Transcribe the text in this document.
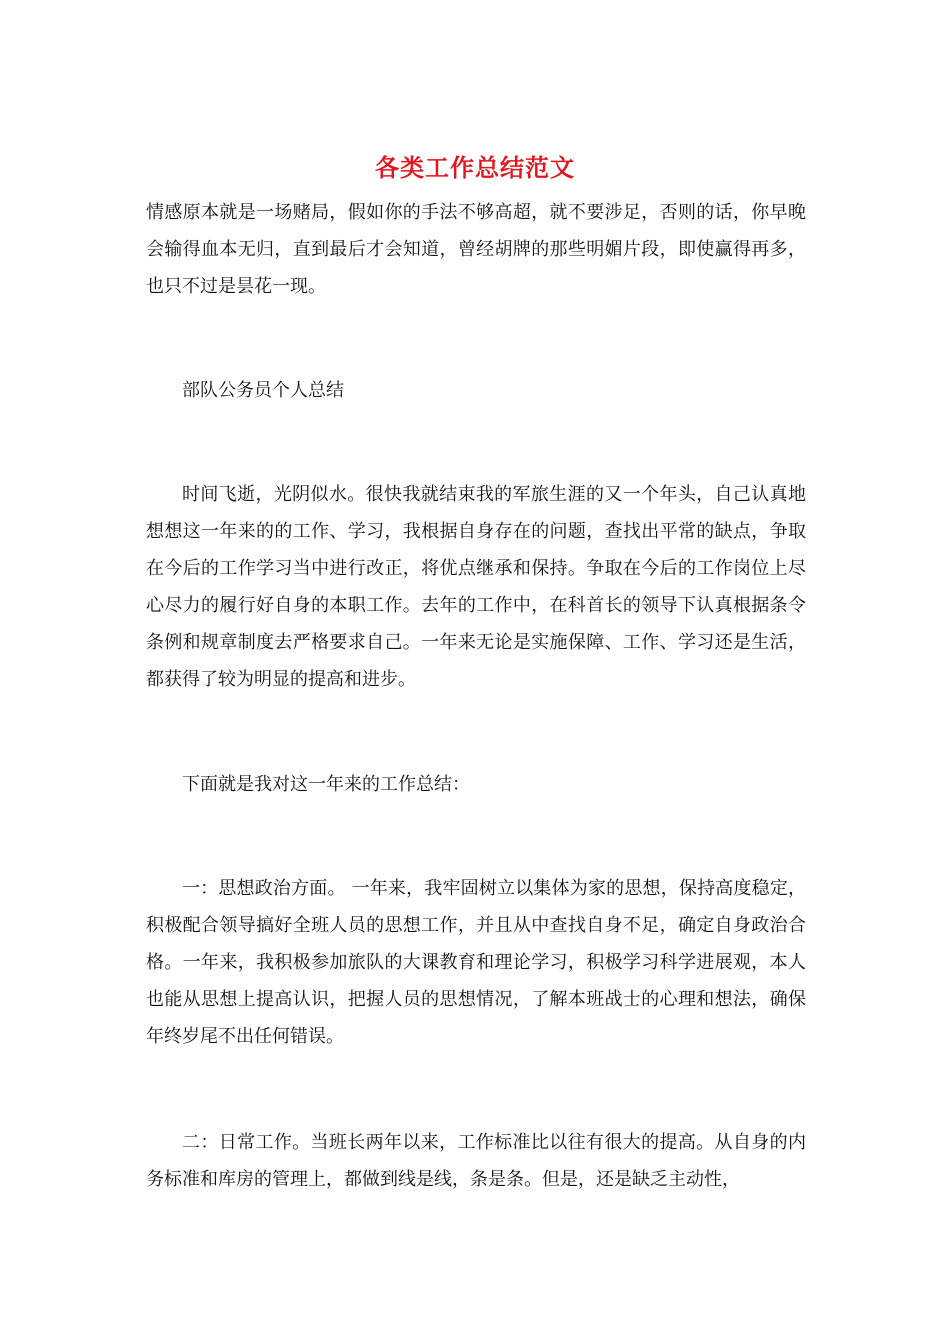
各类工作总结范文

情感原本就是一场赌局，假如你的手法不够高超，就不要涉足，否则的话，你早晚会输得血本无归，直到最后才会知道，曾经胡牌的那些明媚片段，即使赢得再多，也只不过是昙花一现。

部队公务员个人总结

时间飞逝，光阴似水。很快我就结束我的军旅生涯的又一个年头，自己认真地想想这一年来的的工作、学习，我根据自身存在的问题，查找出平常的缺点，争取在今后的工作学习当中进行改正，将优点继承和保持。争取在今后的工作岗位上尽心尽力的履行好自身的本职工作。去年的工作中，在科首长的领导下认真根据条令条例和规章制度去严格要求自己。一年来无论是实施保障、工作、学习还是生活，都获得了较为明显的提高和进步。

下面就是我对这一年来的工作总结：

一：思想政治方面。 一年来，我牢固树立以集体为家的思想，保持高度稳定，积极配合领导搞好全班人员的思想工作，并且从中查找自身不足，确定自身政治合格。一年来，我积极参加旅队的大课教育和理论学习，积极学习科学进展观，本人也能从思想上提高认识，把握人员的思想情况，了解本班战士的心理和想法，确保年终岁尾不出任何错误。

二：日常工作。当班长两年以来，工作标准比以往有很大的提高。从自身的内务标准和库房的管理上，都做到线是线，条是条。但是，还是缺乏主动性，
